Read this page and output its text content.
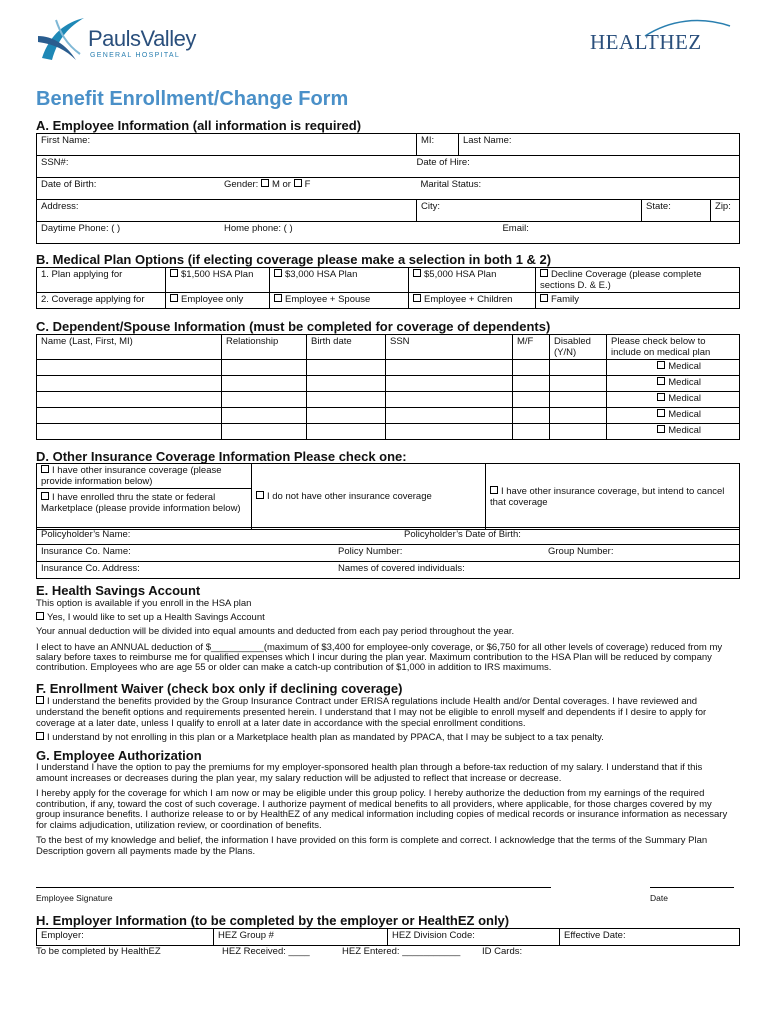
PaulsValley
GENERAL HOSPITAL
HEALTHEZ
Benefit Enrollment/Change Form
A. Employee Information (all information is required)
First Name:		MI:	Last Name:		
SSN#:		Date of Hire:			
Date of Birth:	Gender: M or F	Marital Status:			
Address:		City:		State:	Zip:
Daytime Phone: ( )	Home phone: ( )		Email:		
B. Medical Plan Options (if electing coverage please make a selection in both 1 & 2)
1. Plan applying for	$1,500 HSA Plan	$3,000 HSA Plan	$5,000 HSA Plan	Decline Coverage (please complete sections D. & E.)
2. Coverage applying for	Employee only	Employee + Spouse	Employee + Children	Family
C. Dependent/Spouse Information (must be completed for coverage of dependents)
Name (Last, First, MI)	Relationship	Birth date	SSN	M/F	Disabled (Y/N)	Please check below to include on medical plan
						Medical
						Medical
						Medical
						Medical
						Medical
D. Other Insurance Coverage Information Please check one:
I have other insurance coverage (please provide information below)
I have enrolled thru the state or federal Marketplace (please provide information below)
	I do not have other insurance coverage	I have other insurance coverage, but intend to cancel that coverage
Policyholder’s Name:	Policyholder’s Date of Birth:	
Insurance Co. Name:	Policy Number:	Group Number:
Insurance Co. Address:	Names of covered individuals:	
E. Health Savings Account
This option is available if you enroll in the HSA plan
Yes, I would like to set up a Health Savings Account
Your annual deduction will be divided into equal amounts and deducted from each pay period throughout the year.
I elect to have an ANNUAL deduction of $__________(maximum of $3,400 for employee-only coverage, or $6,750 for all other levels of coverage) reduced from my salary before taxes to reimburse me for qualified expenses which I incur during the plan year. Maximum contribution to the HSA Plan will be reduced by company contribution. Employees who are age 55 or older can make a catch-up contribution of $1,000 in addition to IRS maximums.
F. Enrollment Waiver (check box only if declining coverage)
I understand the benefits provided by the Group Insurance Contract under ERISA regulations include Health and/or Dental coverages. I have reviewed and understand the benefit options and requirements presented herein. I understand that I may not be eligible to enroll myself and dependents if I desire to apply for coverage at a later date, unless I qualify to enroll at a later date in accordance with the special enrollment conditions.
I understand by not enrolling in this plan or a Marketplace health plan as mandated by PPACA, that I may be subject to a tax penalty.
G. Employee Authorization
I understand I have the option to pay the premiums for my employer-sponsored health plan through a before-tax reduction of my salary. I understand that if this amount increases or decreases during the plan year, my salary reduction will be adjusted to reflect that increase or decrease.
I hereby apply for the coverage for which I am now or may be eligible under this group policy. I hereby authorize the deduction from my earnings of the required contribution, if any, toward the cost of such coverage. I authorize payment of medical benefits to all providers, where applicable, for those charges covered by my group insurance benefits. I authorize release to or by HealthEZ of any medical information including copies of medical records or insurance information as necessary for claims adjudication, utilization review, or coordination of benefits.
To the best of my knowledge and belief, the information I have provided on this form is complete and correct. I acknowledge that the terms of the Summary Plan Description govern all payments made by the Plans.
Employee Signature	Date
H. Employer Information (to be completed by the employer or HealthEZ only)
Employer:	HEZ Group #	HEZ Division Code:	Effective Date:
To be completed by HealthEZ	HEZ Received: ____	HEZ Entered: ___________ ID Cards:
